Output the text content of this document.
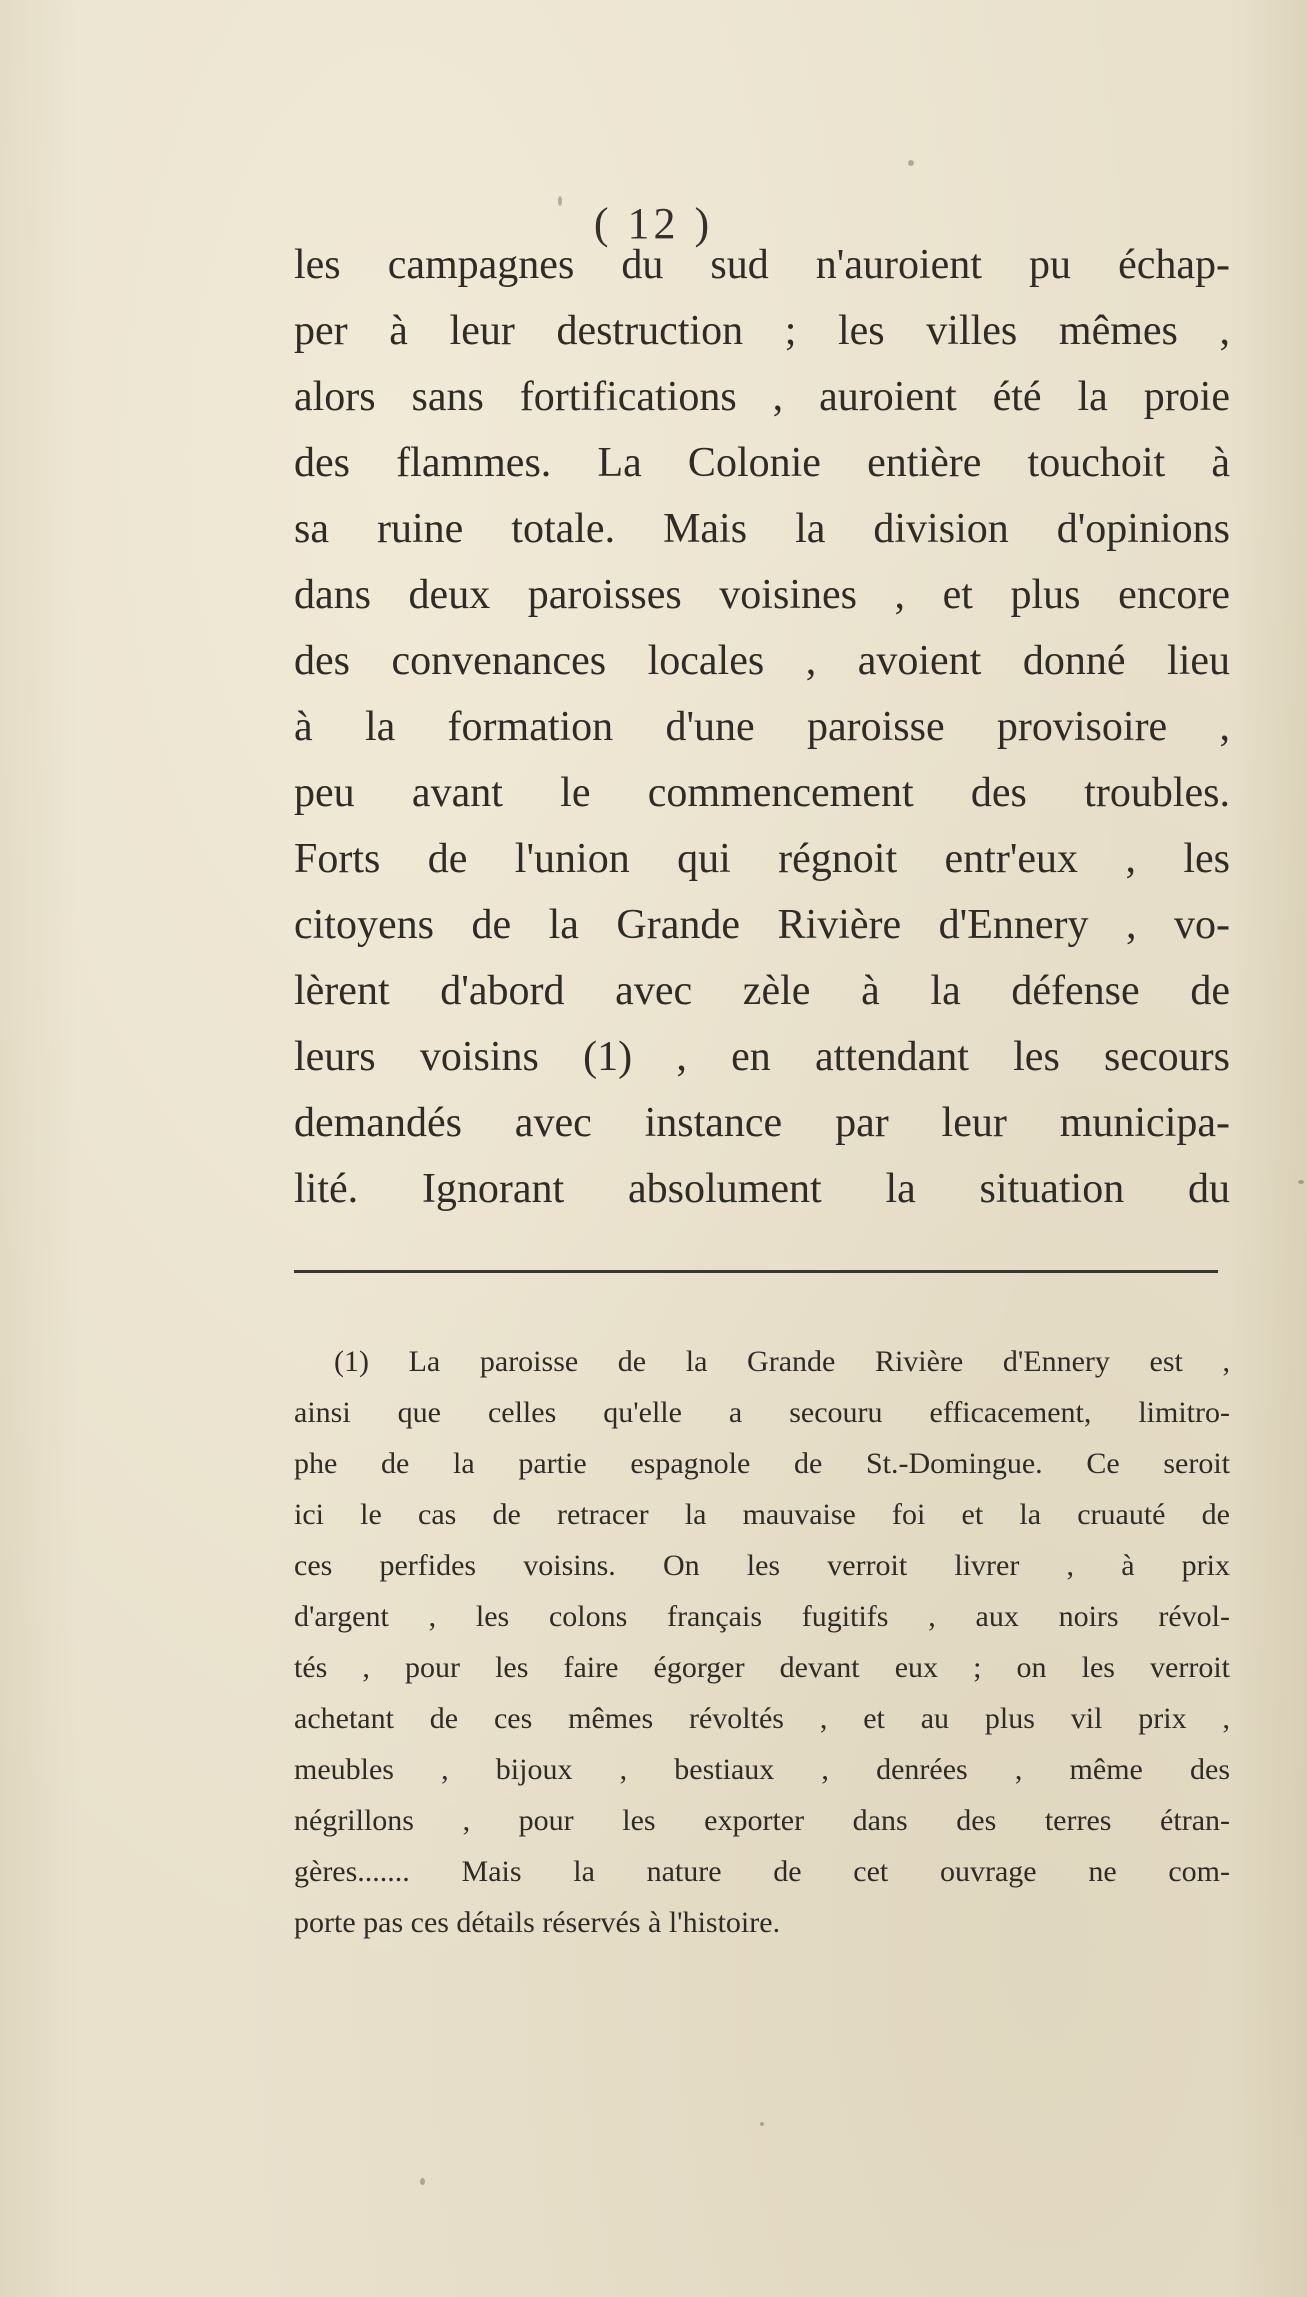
( 12 )
les campagnes du sud n'auroient pu échap-
per à leur destruction ; les villes mêmes ,
alors sans fortifications , auroient été la proie
des flammes. La Colonie entière touchoit à
sa ruine totale. Mais la division d'opinions
dans deux paroisses voisines , et plus encore
des convenances locales , avoient donné lieu
à la formation d'une paroisse provisoire ,
peu avant le commencement des troubles.
Forts de l'union qui régnoit entr'eux , les
citoyens de la Grande Rivière d'Ennery , vo-
lèrent d'abord avec zèle à la défense de
leurs voisins (1) , en attendant les secours
demandés avec instance par leur municipa-
lité. Ignorant absolument la situation du
(1) La paroisse de la Grande Rivière d'Ennery est ,
ainsi que celles qu'elle a secouru efficacement, limitro-
phe de la partie espagnole de St.-Domingue. Ce seroit
ici le cas de retracer la mauvaise foi et la cruauté de
ces perfides voisins. On les verroit livrer , à prix
d'argent , les colons français fugitifs , aux noirs révol-
tés , pour les faire égorger devant eux ; on les verroit
achetant de ces mêmes révoltés , et au plus vil prix ,
meubles , bijoux , bestiaux , denrées , même des
négrillons , pour les exporter dans des terres étran-
gères....... Mais la nature de cet ouvrage ne com-
porte pas ces détails réservés à l'histoire.
